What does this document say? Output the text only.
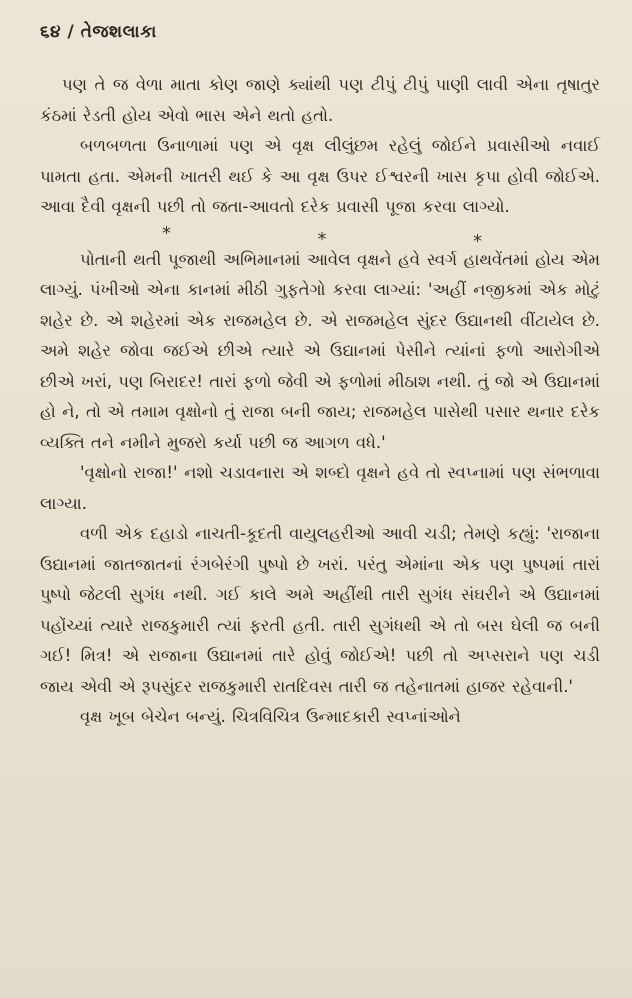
૬૪ / તેજશલાકા

પણ તે જ વેળા માતા કોણ જાણે ક્યાંથી પણ ટીપું ટીપું પાણી લાવી એના તૃષાતુર કંઠમાં રેડતી હોય એવો ભાસ એને થતો હતો.

બળબળતા ઉનાળામાં પણ એ વૃક્ષ લીલુંછમ રહેલું જોઈને પ્રવાસીઓ નવાઈ પામતા હતા. એમની ખાતરી થઈ કે આ વૃક્ષ ઉપર ઈશ્વરની ખાસ કૃપા હોવી જોઈએ. આવા દૈવી વૃક્ષની પછી તો જતા-આવતો દરેક પ્રવાસી પૂજા કરવા લાગ્યો.

*	*	*

પોતાની થતી પૂજાથી અભિમાનમાં આવેલ વૃક્ષને હવે સ્વર્ગ હાથવેંતમાં હોય એમ લાગ્યું. પંખીઓ એના કાનમાં મીઠી ગુફતેગો કરવા લાગ્યાં: 'અહીં નજીકમાં એક મોટું શહેર છે. એ શહેરમાં એક રાજમહેલ છે. એ રાજમહેલ સુંદર ઉદ્યાનથી વીંટાયેલ છે. અમે શહેર જોવા જઈએ છીએ ત્યારે એ ઉદ્યાનમાં પેસીને ત્યાંનાં ફળો આરોગીએ છીએ ખરાં, પણ બિરાદર! તારાં ફળો જેવી એ ફળોમાં મીઠાશ નથી. તું જો એ ઉદ્યાનમાં હો ને, તો એ તમામ વૃક્ષોનો તું રાજા બની જાય; રાજમહેલ પાસેથી પસાર થનાર દરેક વ્યક્તિ તને નમીને મુજરો કર્યા પછી જ આગળ વધે.'

'વૃક્ષોનો રાજા!' નશો ચડાવનારા એ શબ્દો વૃક્ષને હવે તો સ્વપ્નામાં પણ સંભળાવા લાગ્યા.

વળી એક દહાડો નાચતી-કૂદતી વાયુલહરીઓ આવી ચડી; તેમણે કહ્યું: 'રાજાના ઉદ્યાનમાં જાતજાતનાં રંગબેરંગી પુષ્પો છે ખરાં. પરંતુ એમાંના એક પણ પુષ્પમાં તારાં પુષ્પો જેટલી સુગંધ નથી. ગઈ કાલે અમે અહીંથી તારી સુગંધ સંઘરીને એ ઉદ્યાનમાં પહોંચ્યાં ત્યારે રાજકુમારી ત્યાં ફરતી હતી. તારી સુગંધથી એ તો બસ ઘેલી જ બની ગઈ! મિત્ર! એ રાજાના ઉદ્યાનમાં તારે હોવું જોઈએ! પછી તો અપ્સરાને પણ ચડી જાય એવી એ રૂપસુંદર રાજકુમારી રાતદિવસ તારી જ તહેનાતમાં હાજર રહેવાની.'

વૃક્ષ ખૂબ બેચેન બન્યું. ચિત્રવિચિત્ર ઉન્માદકારી સ્વપ્નાંઓને
